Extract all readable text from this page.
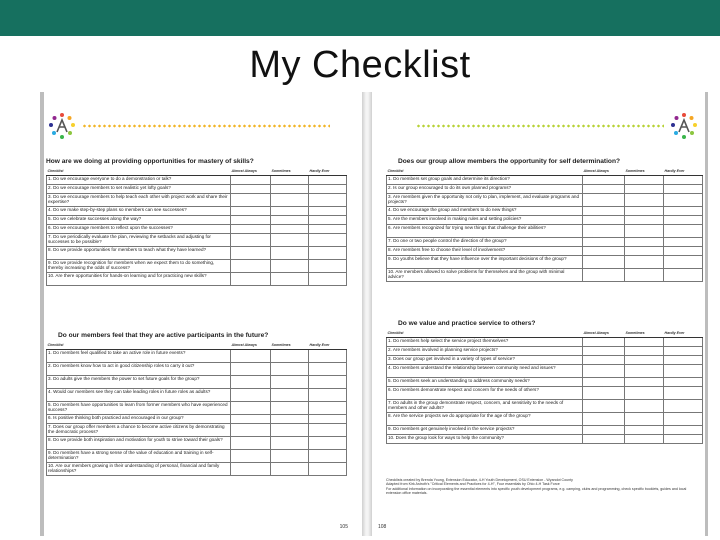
My Checklist
How are we doing at providing opportunities for mastery of skills?
Checklist	Almost Always	Sometimes	Hardly Ever
1. Do we encourage everyone to do a demonstration or talk?			
2. Do we encourage members to set realistic yet lofty goals?			
3. Do we encourage members to help teach each other with project work and share their expertise?			
4. Do we make step-by-step plans so members can see successes?			
5. Do we celebrate successes along the way?			
6. Do we encourage members to reflect upon the successes?			
7. Do we periodically evaluate the plan, reviewing the setbacks and adjusting for successes to be possible?			
8. Do we provide opportunities for members to teach what they have learned?			
9. Do we provide recognition for members when we expect them to do something, thereby increasing the odds of success?			
10. Are there opportunities for hands-on learning and for practicing new skills?			
Do our members feel that they are active participants in the future?
Checklist	Almost Always	Sometimes	Hardly Ever
1. Do members feel qualified to take an active role in future events?			
2. Do members know how to act in good citizenship roles to carry it out?			
3. Do adults give the members the power to set future goals for the group?			
4. Would our members see they can take leading roles in future roles as adults?			
5. Do members have opportunities to learn from former members who have experienced success?			
6. Is positive thinking both practiced and encouraged in our group?			
7. Does our group offer members a chance to become active citizens by demonstrating the democratic process?			
8. Do we provide both inspiration and motivation for youth to strive toward their goals?			
9. Do members have a strong sense of the value of education and training in self-determination?			
10. Are our members growing in their understanding of personal, financial and family relationships?			
105
Does our group allow members the opportunity for self determination?
Checklist	Almost Always	Sometimes	Hardly Ever
1. Do members set group goals and determine its direction?			
2. Is our group encouraged to do its own planned programs?			
3. Are members given the opportunity not only to plan, implement, and evaluate programs and projects?			
4. Do we encourage the group and members to do new things?			
5. Are the members involved in making rules and setting policies?			
6. Are members recognized for trying new things that challenge their abilities?			
7. Do one or two people control the direction of the group?			
8. Are members free to choose their level of involvement?			
9. Do youths believe that they have influence over the important decisions of the group?			
10. Are members allowed to solve problems for themselves and the group with minimal advice?			
Do we value and practice service to others?
Checklist	Almost Always	Sometimes	Hardly Ever
1. Do members help select the service project themselves?			
2. Are members involved in planning service projects?			
3. Does our group get involved in a variety of types of service?			
4. Do members understand the relationship between community need and issues?			
5. Do members seek an understanding to address community needs?			
6. Do members demonstrate respect and concern for the needs of others?			
7. Do adults in the group demonstrate respect, concern, and sensitivity to the needs of members and other adults?			
8. Are the service projects we do appropriate for the age of the group?			
9. Do members get genuinely involved in the service projects?			
10. Does the group look for ways to help the community?			
Checklists created by Brenda Young, Extension Educator, 4-H Youth Development, OSU Extension - Wyandot County
Adapted from Kirk Astroth's "Critical Elements and Practices for 4-H", Four essentials by Ohio 4-H Task Force
For additional information on incorporating the essential elements into specific youth development programs, e.g. camping, clubs and programming, check specific booklets, guides and local extension office materials.
108
